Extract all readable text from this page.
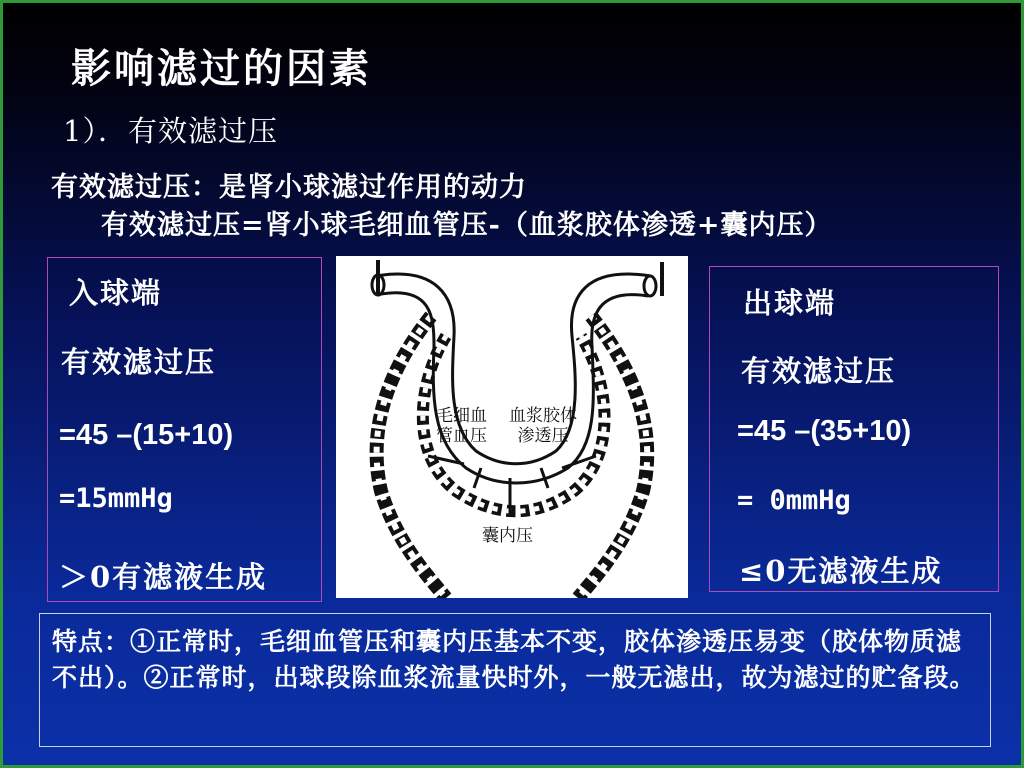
影响滤过的因素
1）．有效滤过压
有效滤过压：是肾小球滤过作用的动力
有效滤过压=肾小球毛细血管压-（血浆胶体渗透+囊内压）
入球端
有效滤过压
=45 –(15+10)
=15mmHg
＞0有滤液生成
毛细血
管血压
血浆胶体
渗透压
囊内压
出球端
有效滤过压
=45 –(35+10)
= 0mmHg
≤0无滤液生成
特点：①正常时，毛细血管压和囊内压基本不变，胶体渗透压易变（胶体物质滤不出）。②正常时，出球段除血浆流量快时外，一般无滤出，故为滤过的贮备段。
